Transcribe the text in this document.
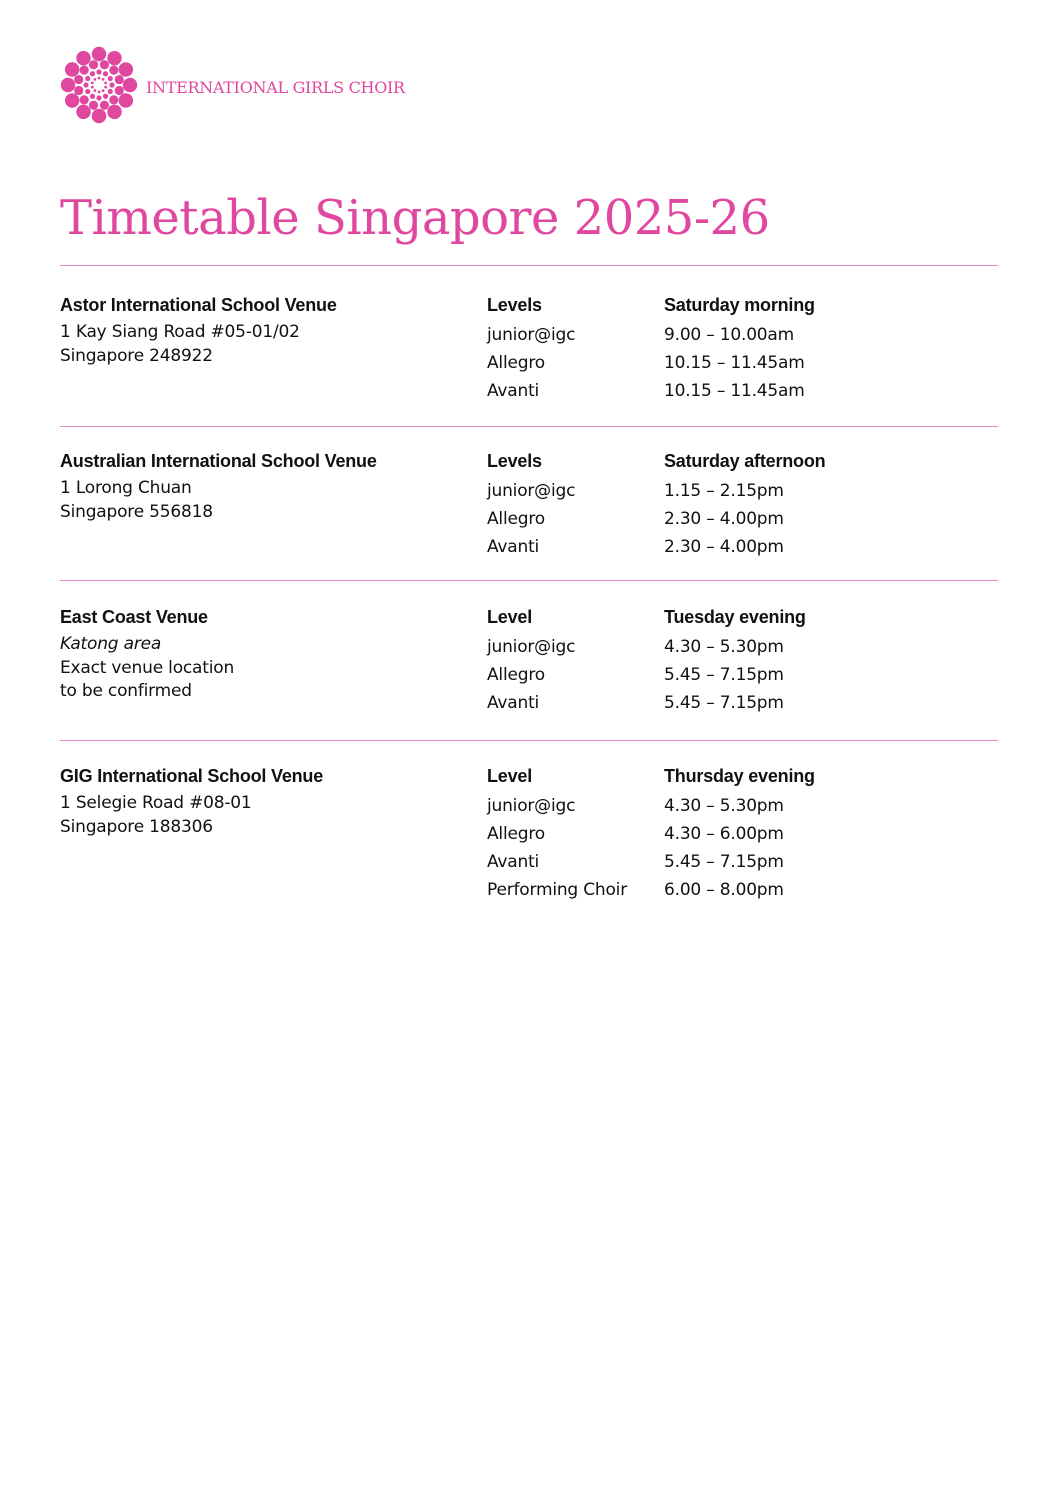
INTERNATIONAL GIRLS CHOIR
Timetable Singapore 2025-26
Astor International School Venue
1 Kay Siang Road #05-01/02
Singapore 248922
Levels
junior@igc
Allegro
Avanti
Saturday morning
9.00 – 10.00am
10.15 – 11.45am
10.15 – 11.45am
Australian International School Venue
1 Lorong Chuan
Singapore 556818
Levels
junior@igc
Allegro
Avanti
Saturday afternoon
1.15 – 2.15pm
2.30 – 4.00pm
2.30 – 4.00pm
East Coast Venue
Katong area
Exact venue location
to be confirmed
Level
junior@igc
Allegro
Avanti
Tuesday evening
4.30 – 5.30pm
5.45 – 7.15pm
5.45 – 7.15pm
GIG International School Venue
1 Selegie Road #08-01
Singapore 188306
Level
junior@igc
Allegro
Avanti
Performing Choir
Thursday evening
4.30 – 5.30pm
4.30 – 6.00pm
5.45 – 7.15pm
6.00 – 8.00pm
